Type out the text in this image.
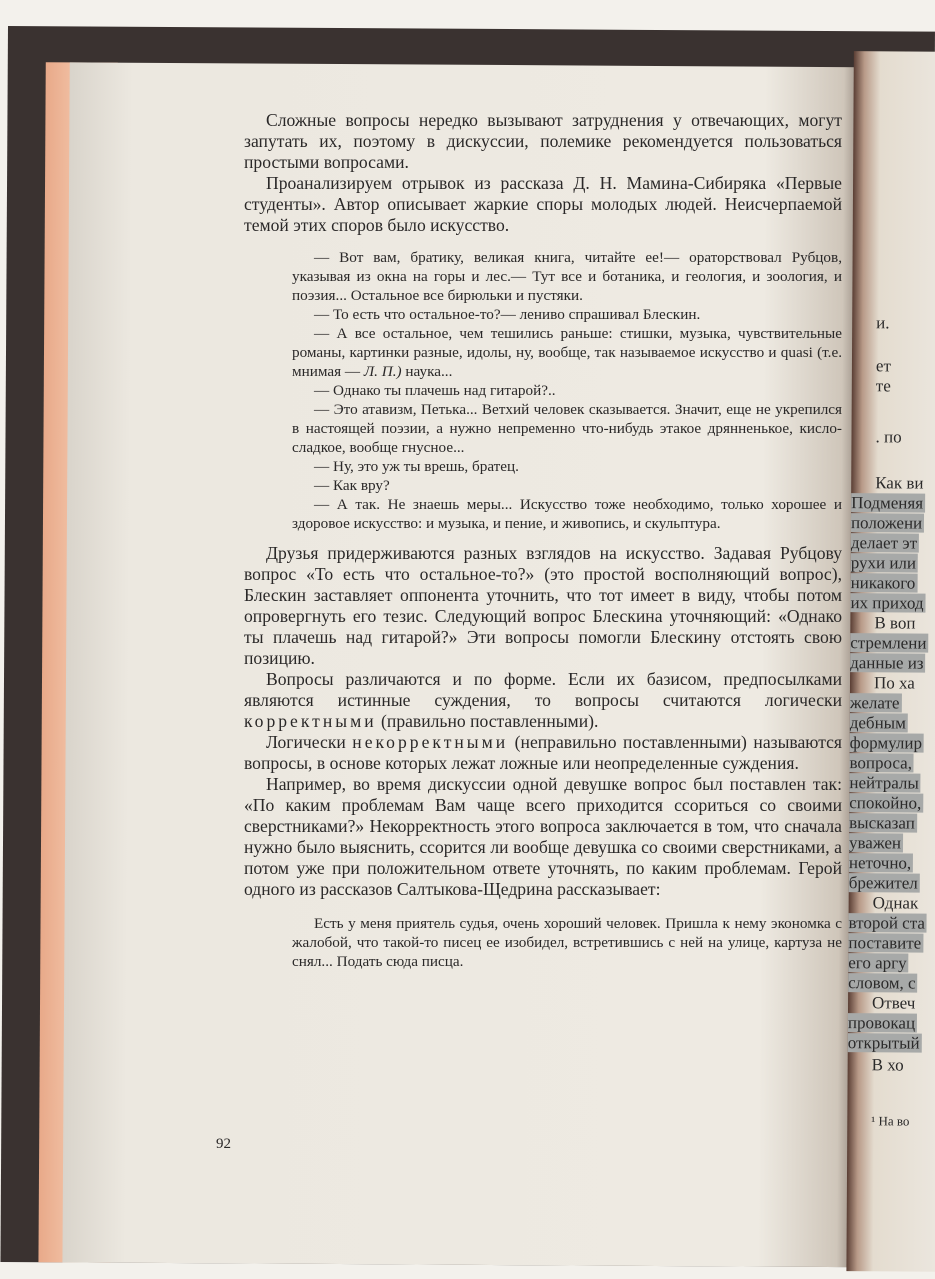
и.
ет
те
. по
Как ви
Подменяя
положени
делает эт
рухи или
никакого
их приход
В воп
стремлени
данные из
По ха
желате
дебным
формулир
вопроса,
нейтралы
спокойно,
высказап
уважен
неточно,
брежител
Однак
второй ста
поставите
его аргу
словом, с
Отвеч
провокац
открытый
В хо
¹ На во

Сложные вопросы нередко вызывают затруднения у отвечающих, могут запутать их, поэтому в дискуссии, полемике рекомендуется пользоваться простыми вопросами.

Проанализируем отрывок из рассказа Д. Н. Мамина-Сибиряка «Первые студенты». Автор описывает жаркие споры молодых людей. Неисчерпаемой темой этих споров было искусство.

— Вот вам, братику, великая книга, читайте ее!— ораторствовал Рубцов, указывая из окна на горы и лес.— Тут все и ботаника, и геология, и зоология, и поэзия... Остальное все бирюльки и пустяки.

— То есть что остальное-то?— лениво спрашивал Блескин.

— А все остальное, чем тешились раньше: стишки, музыка, чувствительные романы, картинки разные, идолы, ну, вообще, так называемое искусство и quasi (т.е. мнимая — Л. П.) наука...

— Однако ты плачешь над гитарой?..

— Это атавизм, Петька... Ветхий человек сказывается. Значит, еще не укрепился в настоящей поэзии, а нужно непременно что-нибудь этакое дрянненькое, кисло-сладкое, вообще гнусное...

— Ну, это уж ты врешь, братец.

— Как вру?

— А так. Не знаешь меры... Искусство тоже необходимо, только хорошее и здоровое искусство: и музыка, и пение, и живопись, и скульптура.

Друзья придерживаются разных взглядов на искусство. Задавая Рубцову вопрос «То есть что остальное-то?» (это простой восполняющий вопрос), Блескин заставляет оппонента уточнить, что тот имеет в виду, чтобы потом опровергнуть его тезис. Следующий вопрос Блескина уточняющий: «Однако ты плачешь над гитарой?» Эти вопросы помогли Блескину отстоять свою позицию.

Вопросы различаются и по форме. Если их базисом, предпосылками являются истинные суждения, то вопросы считаются логически корректными (правильно поставленными).

Логически некорректными (неправильно поставленными) называются вопросы, в основе которых лежат ложные или неопределенные суждения.

Например, во время дискуссии одной девушке вопрос был поставлен так: «По каким проблемам Вам чаще всего приходится ссориться со своими сверстниками?» Некорректность этого вопроса заключается в том, что сначала нужно было выяснить, ссорится ли вообще девушка со своими сверстниками, а потом уже при положительном ответе уточнять, по каким проблемам. Герой одного из рассказов Салтыкова-Щедрина рассказывает:

Есть у меня приятель судья, очень хороший человек. Пришла к нему экономка с жалобой, что такой-то писец ее изобидел, встретившись с ней на улице, картуза не снял... Подать сюда писца.

92
